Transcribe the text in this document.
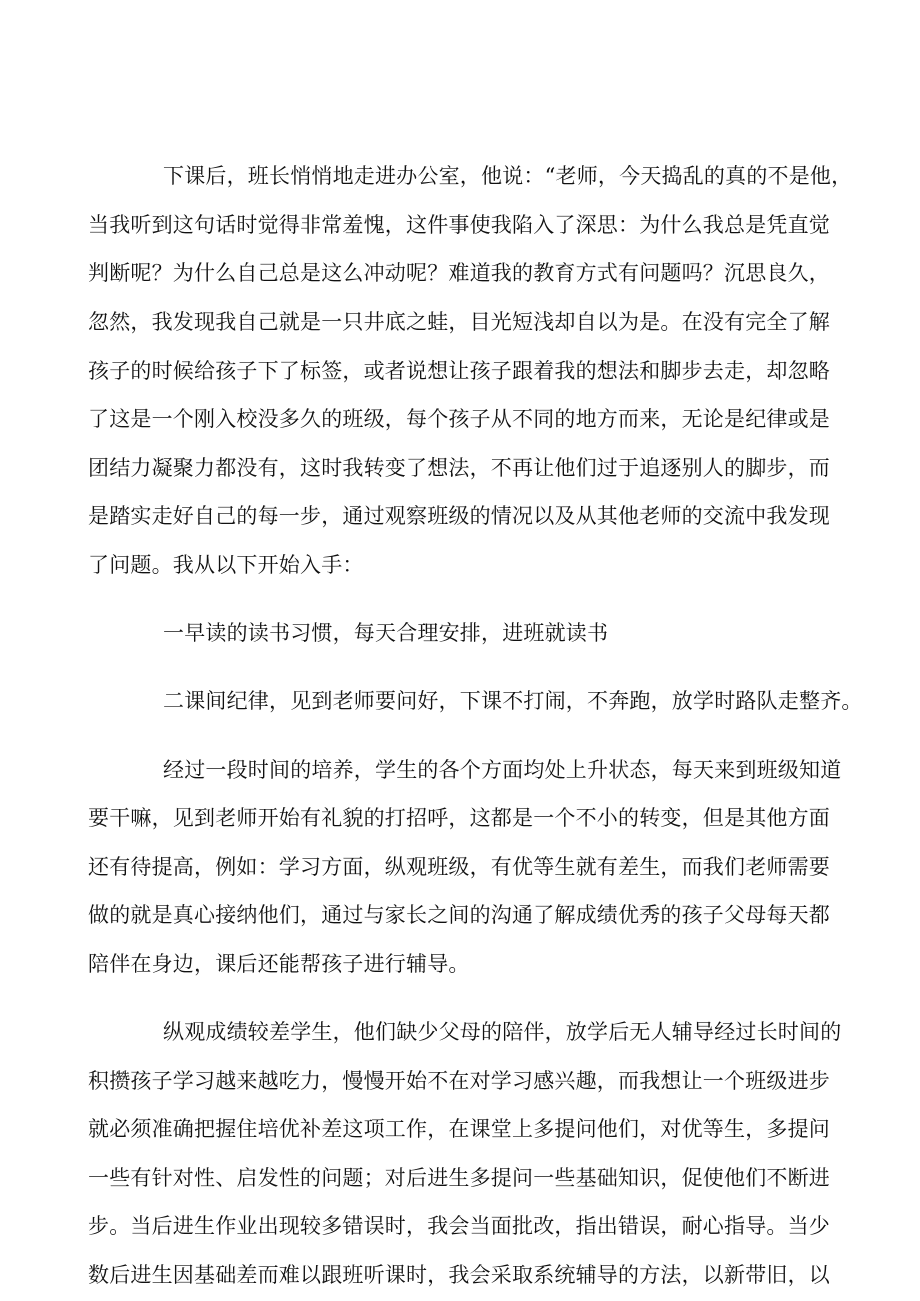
下课后，班长悄悄地走进办公室，他说：“老师，今天捣乱的真的不是他，
当我听到这句话时觉得非常羞愧，这件事使我陷入了深思：为什么我总是凭直觉
判断呢？为什么自己总是这么冲动呢？难道我的教育方式有问题吗？沉思良久，
忽然，我发现我自己就是一只井底之蛙，目光短浅却自以为是。在没有完全了解
孩子的时候给孩子下了标签，或者说想让孩子跟着我的想法和脚步去走，却忽略
了这是一个刚入校没多久的班级，每个孩子从不同的地方而来，无论是纪律或是
团结力凝聚力都没有，这时我转变了想法，不再让他们过于追逐别人的脚步，而
是踏实走好自己的每一步，通过观察班级的情况以及从其他老师的交流中我发现
了问题。我从以下开始入手：
一早读的读书习惯，每天合理安排，进班就读书
二课间纪律，见到老师要问好，下课不打闹，不奔跑，放学时路队走整齐。
经过一段时间的培养，学生的各个方面均处上升状态，每天来到班级知道
要干嘛，见到老师开始有礼貌的打招呼，这都是一个不小的转变，但是其他方面
还有待提高，例如：学习方面，纵观班级，有优等生就有差生，而我们老师需要
做的就是真心接纳他们，通过与家长之间的沟通了解成绩优秀的孩子父母每天都
陪伴在身边，课后还能帮孩子进行辅导。
纵观成绩较差学生，他们缺少父母的陪伴，放学后无人辅导经过长时间的
积攒孩子学习越来越吃力，慢慢开始不在对学习感兴趣，而我想让一个班级进步
就必须准确把握住培优补差这项工作，在课堂上多提问他们，对优等生，多提问
一些有针对性、启发性的问题；对后进生多提问一些基础知识，促使他们不断进
步。当后进生作业出现较多错误时，我会当面批改，指出错误，耐心指导。当少
数后进生因基础差而难以跟班听课时，我会采取系统辅导的方法，以新带旧，以
